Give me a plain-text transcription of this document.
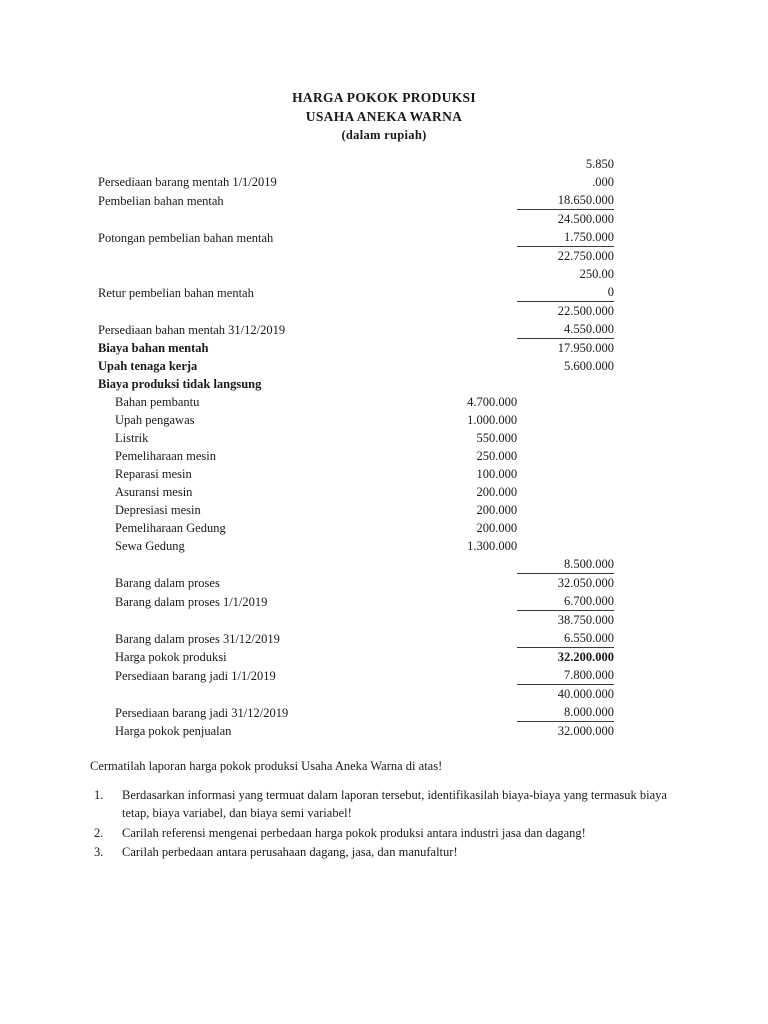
HARGA POKOK PRODUKSI
USAHA ANEKA WARNA
(dalam rupiah)
		5.850
Persediaan barang mentah 1/1/2019		.000
Pembelian bahan mentah		18.650.000
		24.500.000
Potongan pembelian bahan mentah		1.750.000
		22.750.000
		250.00
Retur pembelian bahan mentah		0
		22.500.000
Persediaan bahan mentah 31/12/2019		4.550.000
Biaya bahan mentah		17.950.000
Upah tenaga kerja		5.600.000
Biaya produksi tidak langsung		
Bahan pembantu	4.700.000	
Upah pengawas	1.000.000	
Listrik	550.000	
Pemeliharaan mesin	250.000	
Reparasi mesin	100.000	
Asuransi mesin	200.000	
Depresiasi mesin	200.000	
Pemeliharaan Gedung	200.000	
Sewa Gedung	1.300.000	
		8.500.000
Barang dalam proses		32.050.000
Barang dalam proses 1/1/2019		6.700.000
		38.750.000
Barang dalam proses 31/12/2019		6.550.000
Harga pokok produksi		32.200.000
Persediaan barang jadi 1/1/2019		7.800.000
		40.000.000
Persediaan barang jadi 31/12/2019		8.000.000
Harga pokok penjualan		32.000.000

Cermatilah laporan harga pokok produksi Usaha Aneka Warna di atas!

1.	Berdasarkan informasi yang termuat dalam laporan tersebut, identifikasilah biaya-biaya yang termasuk biaya tetap, biaya variabel, dan biaya semi variabel!
2.	Carilah referensi mengenai perbedaan harga pokok produksi antara industri jasa dan dagang!
3.	Carilah perbedaan antara perusahaan dagang, jasa, dan manufaltur!
